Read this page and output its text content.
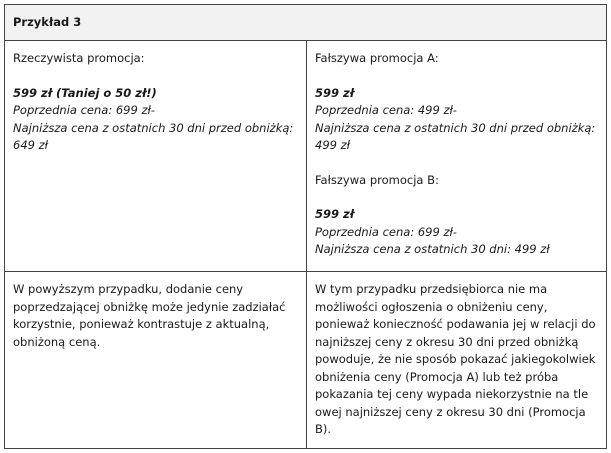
Przykład 3

Rzeczywista promocja:

599 zł (Taniej o 50 zł!)

Poprzednia cena: 699 zł-

Najniższa cena z ostatnich 30 dni przed obniżką: 649 zł

Fałszywa promocja A:

599 zł

Poprzednia cena: 499 zł-

Najniższa cena z ostatnich 30 dni przed obniżką: 499 zł

Fałszywa promocja B:

599 zł

Poprzednia cena: 699 zł-

Najniższa cena z ostatnich 30 dni: 499 zł

W powyższym przypadku, dodanie ceny poprzedzającej obniżkę może jedynie zadziałać korzystnie, ponieważ kontrastuje z aktualną, obniżoną ceną.

W tym przypadku przedsiębiorca nie ma możliwości ogłoszenia o obniżeniu ceny, ponieważ konieczność podawania jej w relacji do najniższej ceny z okresu 30 dni przed obniżką powoduje, że nie sposób pokazać jakiegokolwiek obniżenia ceny (Promocja A) lub też próba pokazania tej ceny wypada niekorzystnie na tle owej najniższej ceny z okresu 30 dni (Promocja B).
